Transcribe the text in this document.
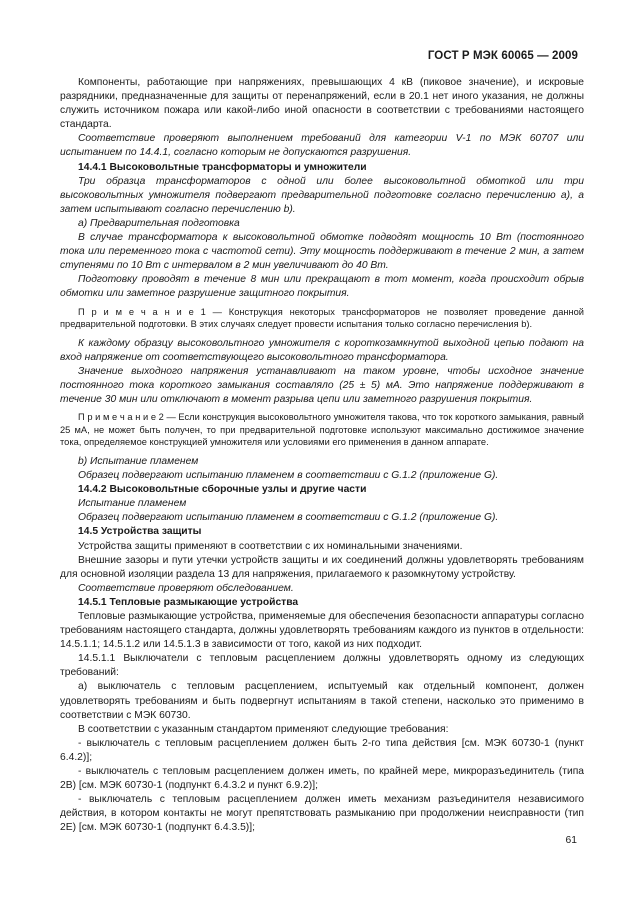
ГОСТ Р МЭК 60065 — 2009

Компоненты, работающие при напряжениях, превышающих 4 кВ (пиковое значение), и искровые разрядники, предназначенные для защиты от перенапряжений, если в 20.1 нет иного указания, не должны служить источником пожара или какой-либо иной опасности в соответствии с требованиями настоящего стандарта.

Соответствие проверяют выполнением требований для категории V-1 по МЭК 60707 или испытанием по 14.4.1, согласно которым не допускаются разрушения.

14.4.1 Высоковольтные трансформаторы и умножители

Три образца трансформаторов с одной или более высоковольтной обмоткой или три высоковольтных умножителя подвергают предварительной подготовке согласно перечислению а), а затем испытывают согласно перечислению b).

а) Предварительная подготовка

В случае трансформатора к высоковольтной обмотке подводят мощность 10 Вт (постоянного тока или переменного тока с частотой сети). Эту мощность поддерживают в течение 2 мин, а затем ступенями по 10 Вт с интервалом в 2 мин увеличивают до 40 Вт.

Подготовку проводят в течение 8 мин или прекращают в тот момент, когда происходит обрыв обмотки или заметное разрушение защитного покрытия.

П р и м е ч а н и е 1 — Конструкция некоторых трансформаторов не позволяет проведение данной предварительной подготовки. В этих случаях следует провести испытания только согласно перечисления b).

К каждому образцу высоковольтного умножителя с короткозамкнутой выходной цепью подают на вход напряжение от соответствующего высоковольтного трансформатора.

Значение выходного напряжения устанавливают на таком уровне, чтобы исходное значение постоянного тока короткого замыкания составляло (25 ± 5) мА. Это напряжение поддерживают в течение 30 мин или отключают в момент разрыва цепи или заметного разрушения покрытия.

П р и м е ч а н и е 2 — Если конструкция высоковольтного умножителя такова, что ток короткого замыкания, равный 25 мА, не может быть получен, то при предварительной подготовке используют максимально достижимое значение тока, определяемое конструкцией умножителя или условиями его применения в данном аппарате.

b) Испытание пламенем

Образец подвергают испытанию пламенем в соответствии с G.1.2 (приложение G).

14.4.2 Высоковольтные сборочные узлы и другие части

Испытание пламенем

Образец подвергают испытанию пламенем в соответствии с G.1.2 (приложение G).

14.5 Устройства защиты

Устройства защиты применяют в соответствии с их номинальными значениями.

Внешние зазоры и пути утечки устройств защиты и их соединений должны удовлетворять требованиям для основной изоляции раздела 13 для напряжения, прилагаемого к разомкнутому устройству.

Соответствие проверяют обследованием.

14.5.1 Тепловые размыкающие устройства

Тепловые размыкающие устройства, применяемые для обеспечения безопасности аппаратуры согласно требованиям настоящего стандарта, должны удовлетворять требованиям каждого из пунктов в отдельности: 14.5.1.1; 14.5.1.2 или 14.5.1.3 в зависимости от того, какой из них подходит.

14.5.1.1 Выключатели с тепловым расцеплением должны удовлетворять одному из следующих требований:

а) выключатель с тепловым расцеплением, испытуемый как отдельный компонент, должен удовлетворять требованиям и быть подвергнут испытаниям в такой степени, насколько это применимо в соответствии с МЭК 60730.

В соответствии с указанным стандартом применяют следующие требования:

- выключатель с тепловым расцеплением должен быть 2-го типа действия [см. МЭК 60730-1 (пункт 6.4.2)];

- выключатель с тепловым расцеплением должен иметь, по крайней мере, микроразъединитель (типа 2В) [см. МЭК 60730-1 (подпункт 6.4.3.2 и пункт 6.9.2)];

- выключатель с тепловым расцеплением должен иметь механизм разъединителя независимого действия, в котором контакты не могут препятствовать размыканию при продолжении неисправности (тип 2Е) [см. МЭК 60730-1 (подпункт 6.4.3.5)];

61
